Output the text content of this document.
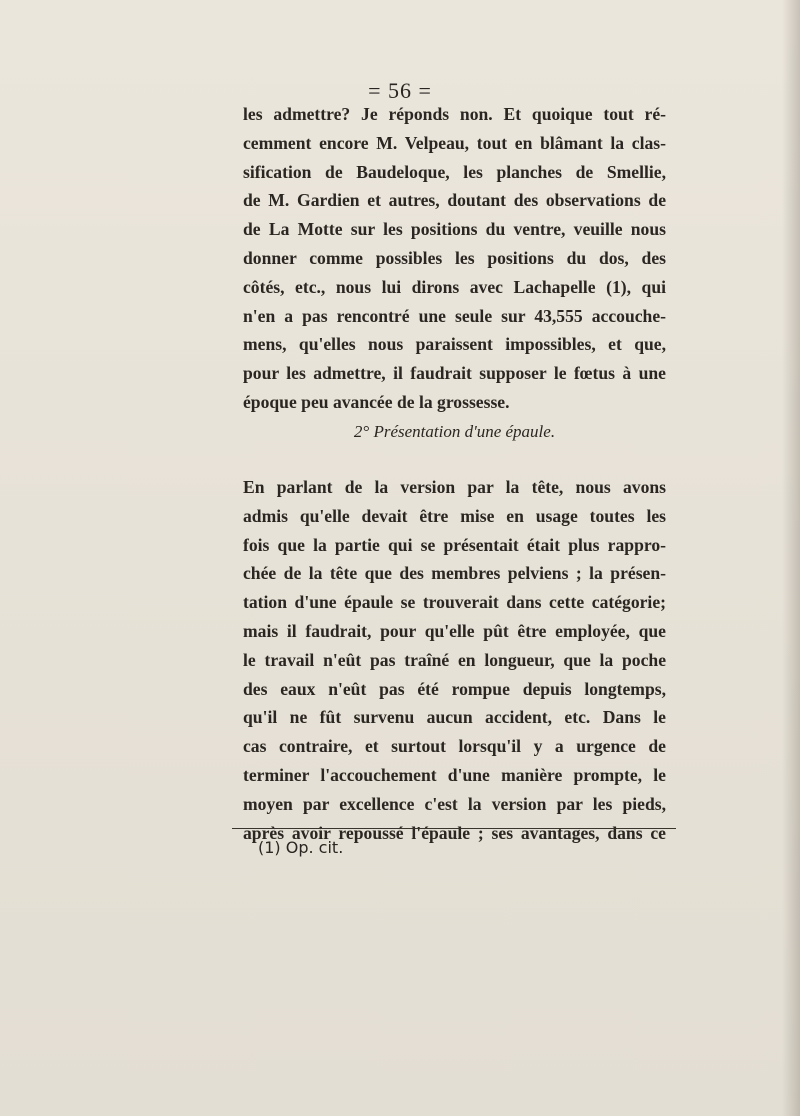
= 56 =
les admettre? Je réponds non. Et quoique tout ré-
cemment encore M. Velpeau, tout en blâmant la clas-
sification de Baudeloque, les planches de Smellie,
de M. Gardien et autres, doutant des observations de
de La Motte sur les positions du ventre, veuille nous
donner comme possibles les positions du dos, des
côtés, etc., nous lui dirons avec Lachapelle (1), qui
n'en a pas rencontré une seule sur 43,555 accouche-
mens, qu'elles nous paraissent impossibles, et que,
pour les admettre, il faudrait supposer le fœtus à une
époque peu avancée de la grossesse.
2° Présentation d'une épaule.
En parlant de la version par la tête, nous avons
admis qu'elle devait être mise en usage toutes les
fois que la partie qui se présentait était plus rappro-
chée de la tête que des membres pelviens ; la présen-
tation d'une épaule se trouverait dans cette catégorie;
mais il faudrait, pour qu'elle pût être employée, que
le travail n'eût pas traîné en longueur, que la poche
des eaux n'eût pas été rompue depuis longtemps,
qu'il ne fût survenu aucun accident, etc. Dans le
cas contraire, et surtout lorsqu'il y a urgence de
terminer l'accouchement d'une manière prompte, le
moyen par excellence c'est la version par les pieds,
après avoir repoussé l'épaule ; ses avantages, dans ce
(1) Op. cit.
